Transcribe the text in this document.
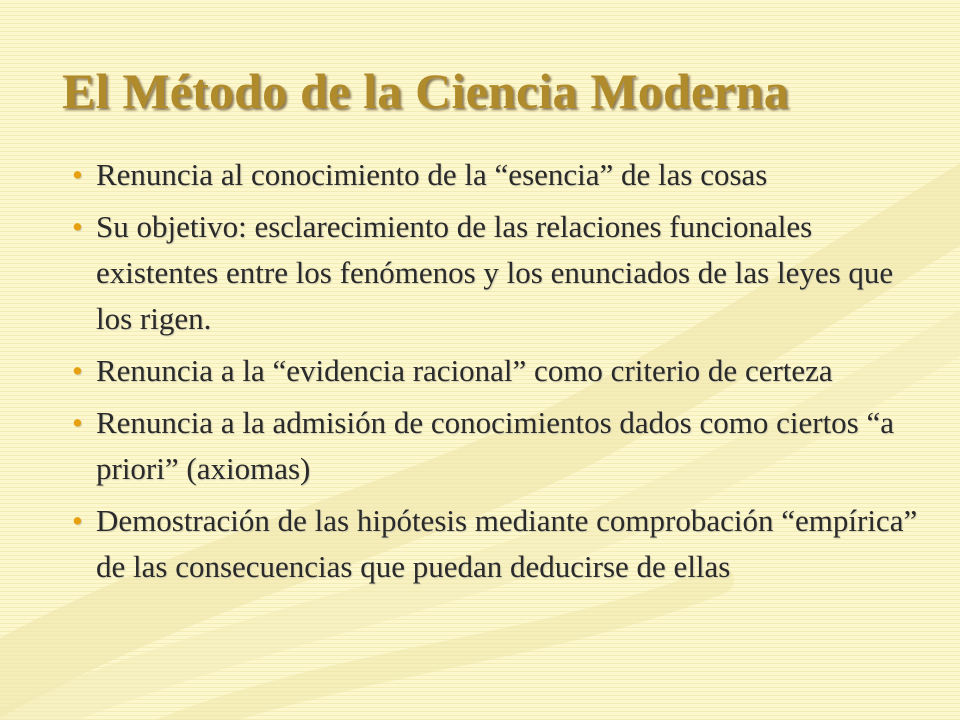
El Método de la Ciencia Moderna
• Renuncia al conocimiento de la “esencia” de las cosas
• Su objetivo: esclarecimiento de las relaciones funcionales existentes entre los fenómenos y los enunciados de las leyes que los rigen.
• Renuncia a la “evidencia racional” como criterio de certeza
• Renuncia a la admisión de conocimientos dados como ciertos “a priori” (axiomas)
• Demostración de las hipótesis mediante comprobación “empírica” de las consecuencias que puedan deducirse de ellas
